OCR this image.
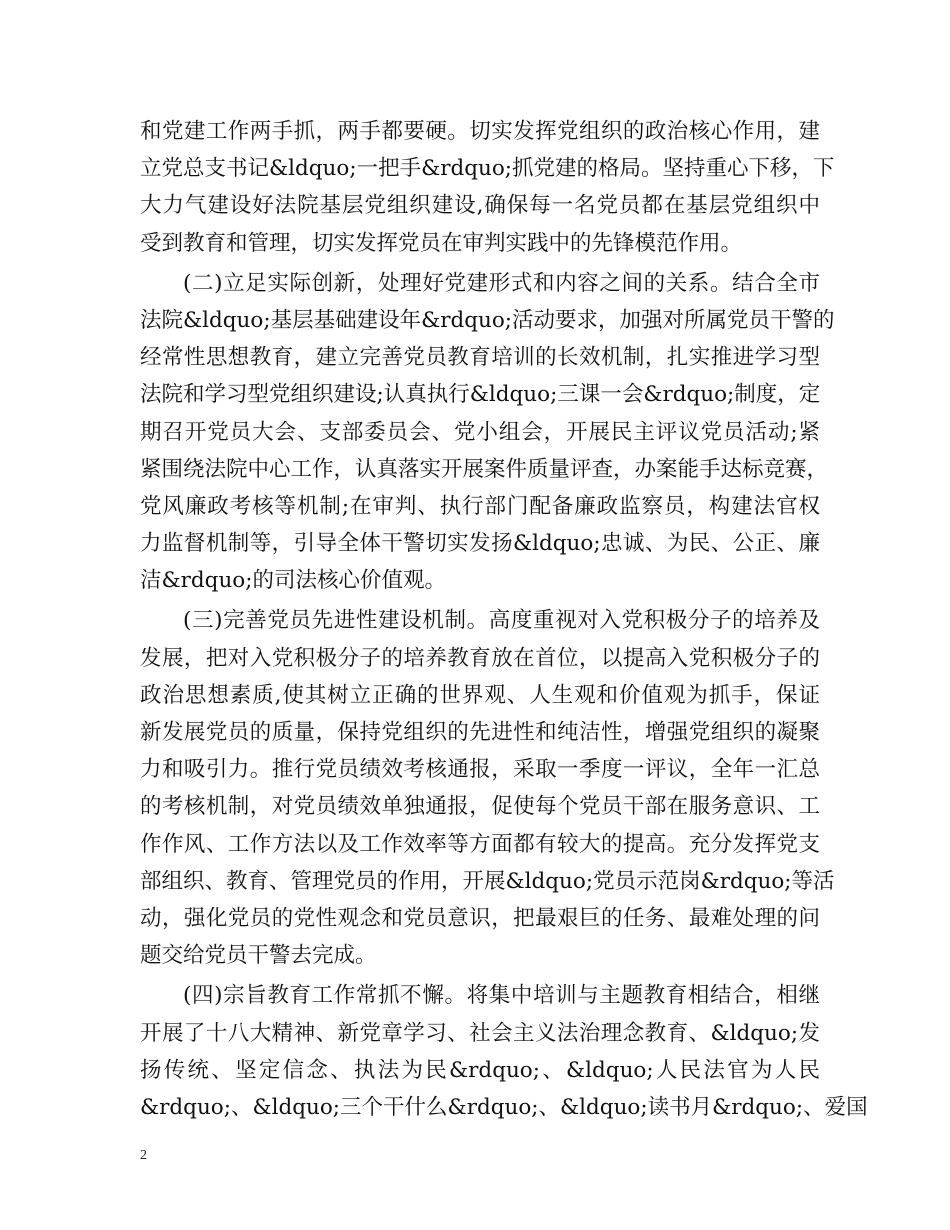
和党建工作两手抓，两手都要硬。切实发挥党组织的政治核心作用，建
立党总支书记&ldquo;一把手&rdquo;抓党建的格局。坚持重心下移，下
大力气建设好法院基层党组织建设,确保每一名党员都在基层党组织中
受到教育和管理，切实发挥党员在审判实践中的先锋模范作用。
(二)立足实际创新，处理好党建形式和内容之间的关系。结合全市
法院&ldquo;基层基础建设年&rdquo;活动要求，加强对所属党员干警的
经常性思想教育，建立完善党员教育培训的长效机制，扎实推进学习型
法院和学习型党组织建设;认真执行&ldquo;三课一会&rdquo;制度，定
期召开党员大会、支部委员会、党小组会，开展民主评议党员活动;紧
紧围绕法院中心工作，认真落实开展案件质量评查，办案能手达标竞赛，
党风廉政考核等机制;在审判、执行部门配备廉政监察员，构建法官权
力监督机制等，引导全体干警切实发扬&ldquo;忠诚、为民、公正、廉
洁&rdquo;的司法核心价值观。
(三)完善党员先进性建设机制。高度重视对入党积极分子的培养及
发展，把对入党积极分子的培养教育放在首位，以提高入党积极分子的
政治思想素质,使其树立正确的世界观、人生观和价值观为抓手，保证
新发展党员的质量，保持党组织的先进性和纯洁性，增强党组织的凝聚
力和吸引力。推行党员绩效考核通报，采取一季度一评议，全年一汇总
的考核机制，对党员绩效单独通报，促使每个党员干部在服务意识、工
作作风、工作方法以及工作效率等方面都有较大的提高。充分发挥党支
部组织、教育、管理党员的作用，开展&ldquo;党员示范岗&rdquo;等活
动，强化党员的党性观念和党员意识，把最艰巨的任务、最难处理的问
题交给党员干警去完成。
(四)宗旨教育工作常抓不懈。将集中培训与主题教育相结合，相继
开展了十八大精神、新党章学习、社会主义法治理念教育、&ldquo;发
扬传统、坚定信念、执法为民&rdquo;、&ldquo;人民法官为人民
&rdquo;、&ldquo;三个干什么&rdquo;、&ldquo;读书月&rdquo;、爱国
2
